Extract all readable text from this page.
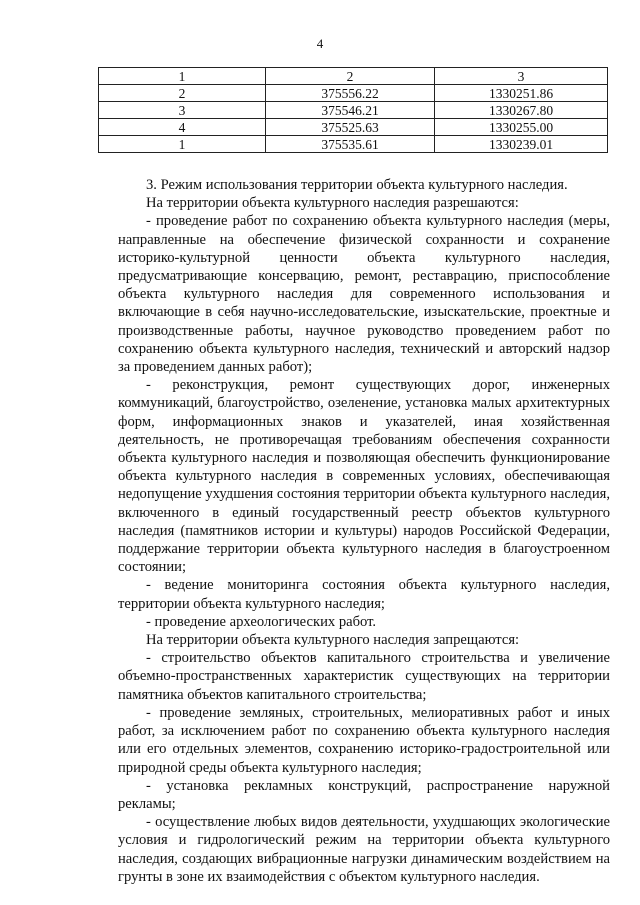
4
1	2	3
2	375556.22	1330251.86
3	375546.21	1330267.80
4	375525.63	1330255.00
1	375535.61	1330239.01

3. Режим использования территории объекта культурного наследия.

На территории объекта культурного наследия разрешаются:

- проведение работ по сохранению объекта культурного наследия (меры, направленные на обеспечение физической сохранности и сохранение историко-культурной ценности объекта культурного наследия, предусматривающие консервацию, ремонт, реставрацию, приспособление объекта культурного наследия для современного использования и включающие в себя научно-исследовательские, изыскательские, проектные и производственные работы, научное руководство проведением работ по сохранению объекта культурного наследия, технический и авторский надзор за проведением данных работ);

- реконструкция, ремонт существующих дорог, инженерных коммуникаций, благоустройство, озеленение, установка малых архитектурных форм, информационных знаков и указателей, иная хозяйственная деятельность, не противоречащая требованиям обеспечения сохранности объекта культурного наследия и позволяющая обеспечить функционирование объекта культурного наследия в современных условиях, обеспечивающая недопущение ухудшения состояния территории объекта культурного наследия, включенного в единый государственный реестр объектов культурного наследия (памятников истории и культуры) народов Российской Федерации, поддержание территории объекта культурного наследия в благоустроенном состоянии;

- ведение мониторинга состояния объекта культурного наследия, территории объекта культурного наследия;

- проведение археологических работ.

На территории объекта культурного наследия запрещаются:

- строительство объектов капитального строительства и увеличение объемно-пространственных характеристик существующих на территории памятника объектов капитального строительства;

- проведение земляных, строительных, мелиоративных работ и иных работ, за исключением работ по сохранению объекта культурного наследия или его отдельных элементов, сохранению историко-градостроительной или природной среды объекта культурного наследия;

- установка рекламных конструкций, распространение наружной рекламы;

- осуществление любых видов деятельности, ухудшающих экологические условия и гидрологический режим на территории объекта культурного наследия, создающих вибрационные нагрузки динамическим воздействием на грунты в зоне их взаимодействия с объектом культурного наследия.
